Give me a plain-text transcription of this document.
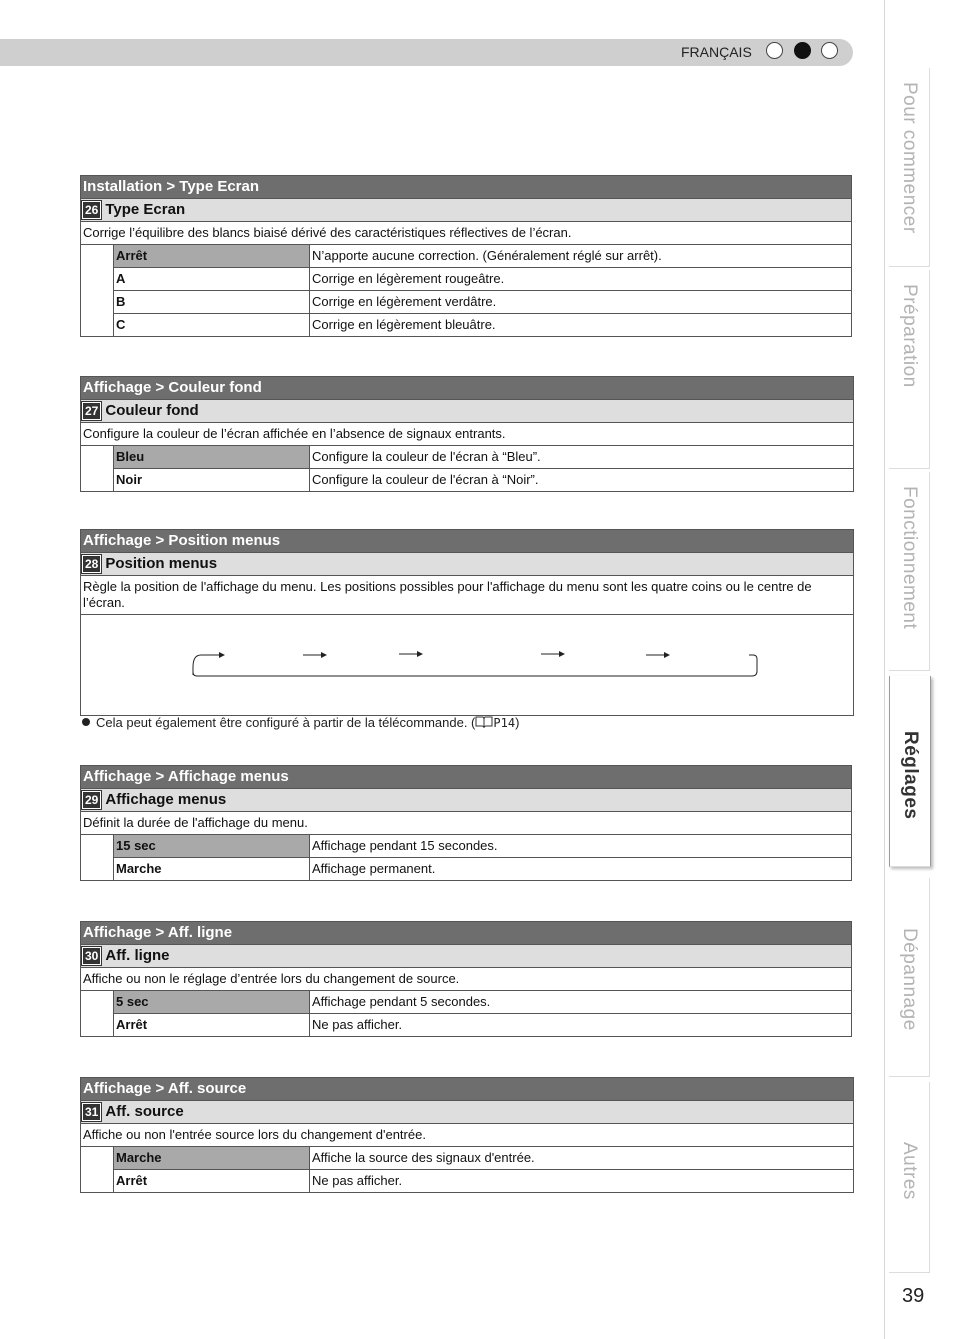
FRANÇAIS
Pour commencer
Préparation
Fonctionnement
Réglages
Dépannage
Autres
39
Installation > Type Ecran
26 Type Ecran
Corrige l’équilibre des blancs biaisé dérivé des caractéristiques réflectives de l’écran.
Arrêt	N’apporte aucune correction. (Généralement réglé sur arrêt).
A	Corrige en légèrement rougeâtre.
B	Corrige en légèrement verdâtre.
C	Corrige en légèrement bleuâtre.
Affichage > Couleur fond
27 Couleur fond
Configure la couleur de l’écran affichée en l’absence de signaux entrants.
Bleu	Configure la couleur de l'écran à “Bleu”.
Noir	Configure la couleur de l'écran à “Noir”.
Affichage > Position menus
28 Position menus
Règle la position de l'affichage du menu. Les positions possibles pour l'affichage du menu sont les quatre coins ou le centre de l’écran.
Cela peut également être configuré à partir de la télécommande. ( P14)
Affichage > Affichage menus
29 Affichage menus
Définit la durée de l'affichage du menu.
15 sec	Affichage pendant 15 secondes.
Marche	Affichage permanent.
Affichage > Aff. ligne
30 Aff. ligne
Affiche ou non le réglage d’entrée lors du changement de source.
5 sec	Affichage pendant 5 secondes.
Arrêt	Ne pas afficher.
Affichage > Aff. source
31 Aff. source
Affiche ou non l'entrée source lors du changement d'entrée.
Marche	Affiche la source des signaux d'entrée.
Arrêt	Ne pas afficher.
